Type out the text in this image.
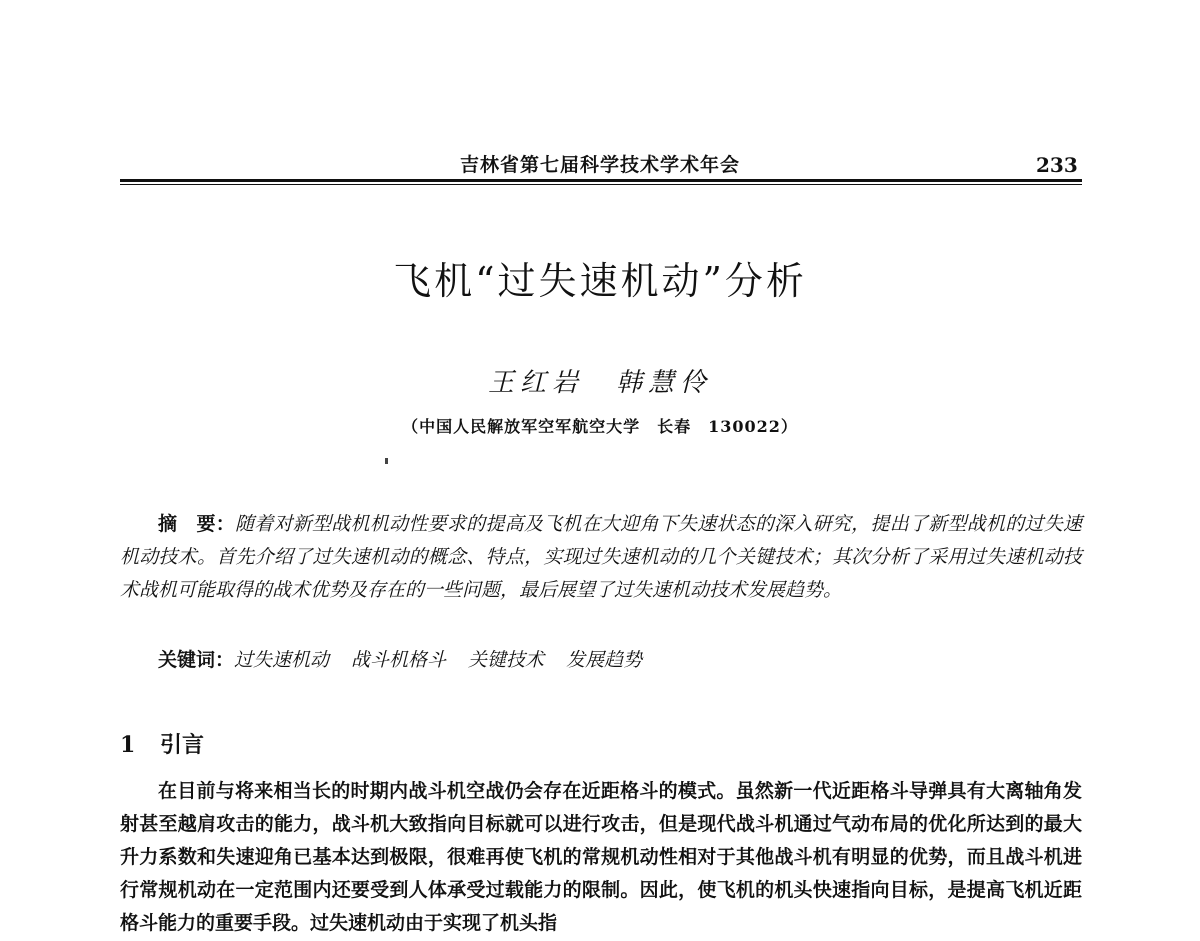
吉林省第七届科学技术学术年会	233
飞机“过失速机动”分析
王红岩　韩慧伶
（中国人民解放军空军航空大学　长春　130022）
摘　要：随着对新型战机机动性要求的提高及飞机在大迎角下失速状态的深入研究，提出了新型战机的过失速机动技术。首先介绍了过失速机动的概念、特点，实现过失速机动的几个关键技术；其次分析了采用过失速机动技术战机可能取得的战术优势及存在的一些问题，最后展望了过失速机动技术发展趋势。
关键词：过失速机动 战斗机格斗 关键技术 发展趋势
1 引言
在目前与将来相当长的时期内战斗机空战仍会存在近距格斗的模式。虽然新一代近距格斗导弹具有大离轴角发射甚至越肩攻击的能力，战斗机大致指向目标就可以进行攻击，但是现代战斗机通过气动布局的优化所达到的最大升力系数和失速迎角已基本达到极限，很难再使飞机的常规机动性相对于其他战斗机有明显的优势，而且战斗机进行常规机动在一定范围内还要受到人体承受过载能力的限制。因此，使飞机的机头快速指向目标，是提高飞机近距格斗能力的重要手段。过失速机动由于实现了机头指
